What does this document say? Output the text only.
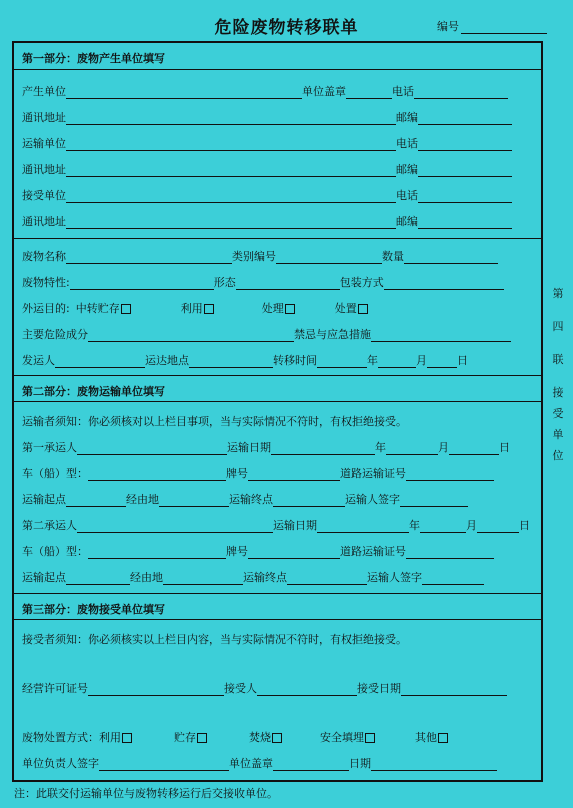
危险废物转移联单	编号
第一部分：废物产生单位填写
产生单位	单位盖章	电话
通讯地址	邮编
运输单位	电话
通讯地址	邮编
接受单位	电话
通讯地址	邮编
废物名称	类别编号	数量
废物特性:	形态	包装方式
外运目的: 中转贮存	利用	处理	处置
主要危险成分	禁忌与应急措施
发运人	运达地点	转移时间	年	月	日
第二部分：废物运输单位填写
运输者须知：你必须核对以上栏目事项，当与实际情况不符时，有权拒绝接受。
第一承运人	运输日期	年	月	日
车（船）型：	牌号	道路运输证号
运输起点	经由地	运输终点	运输人签字
第二承运人	运输日期	年	月	日
车（船）型：	牌号	道路运输证号
运输起点	经由地	运输终点	运输人签字
第三部分：废物接受单位填写
接受者须知：你必须核实以上栏目内容，当与实际情况不符时，有权拒绝接受。
经营许可证号	接受人	接受日期
废物处置方式： 利用	贮存	焚烧	安全填埋	其他
单位负责人签字	单位盖章	日期
第
四
联
接
受
单
位
注：此联交付运输单位与废物转移运行后交接收单位。
